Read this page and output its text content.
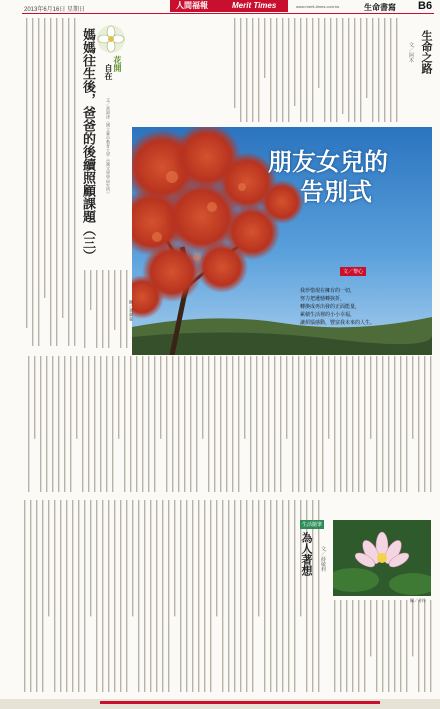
2013年6月16日 星期日	人間福報	Merit Times	www.merit-times.com.tw	生命書寫 B6
生命之路
文／阿木
花開
自在
文／黃淑津（國立臺中教育大學 台灣文學學研究所）
媽媽往生後，爸爸的後續照顧課題（三）	朋友女兒的
告別式
文／黎心
我珍惜現在擁有的一切，
努力把遺憾轉捩折，
轉換成再出發的正面能量，
累積生活裡的小小幸福，
讓煩惱感動，豐富我未來的人生。
攝／黃森霖
生活隨筆
為人著想 文／薛敏莉
攝／芳伶
